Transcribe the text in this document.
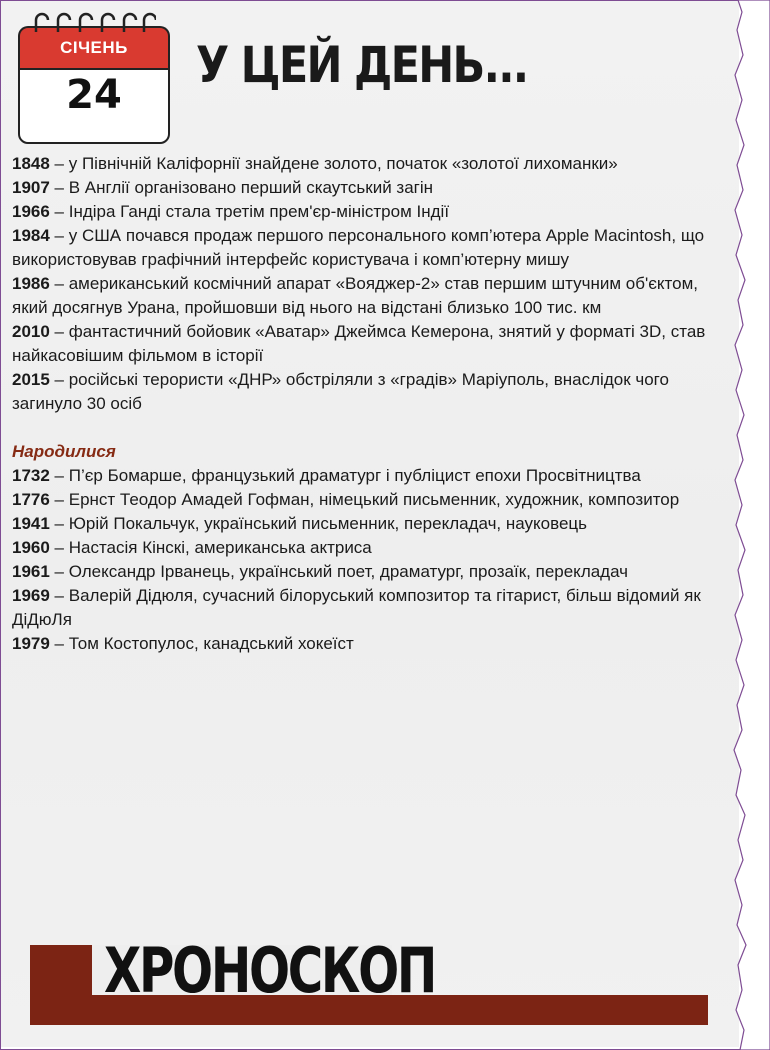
СІЧЕНЬ
24
У ЦЕЙ ДЕНЬ...

1848 – у Північній Каліфорнії знайдене золото, початок «золотої лихоманки»

1907 – В Англії організовано перший скаутський загін

1966 – Індіра Ганді стала третім прем'єр-міністром Індії

1984 – у США почався продаж першого персонального комп’ютера Apple Macintosh, що використовував графічний інтерфейс користувача і комп’ютерну мишу

1986 – американський космічний апарат «Вояджер-2» став першим штучним об'єктом, який досягнув Урана, пройшовши від нього на відстані близько 100 тис. км

2010 – фантастичний бойовик «Аватар» Джеймса Кемерона, знятий у форматі 3D, став найкасовішим фільмом в історії

2015 – російські терористи «ДНР» обстріляли з «градів» Маріуполь, внаслідок чого загинуло 30 осіб

Народилися

1732 – П’єр Бомарше, французький драматург і публіцист епохи Просвітництва

1776 – Ернст Теодор Амадей Гофман, німецький письменник, художник, композитор

1941 – Юрій Покальчук, український письменник, перекладач, науковець

1960 – Настасія Кінскі, американська актриса

1961 – Олександр Ірванець, український поет, драматург, прозаїк, перекладач

1969 – Валерій Дідюля, сучасний білоруський композитор та гітарист, більш відомий як ДіДюЛя

1979 – Том Костопулос, канадський хокеїст

ХРОНОСКОП
